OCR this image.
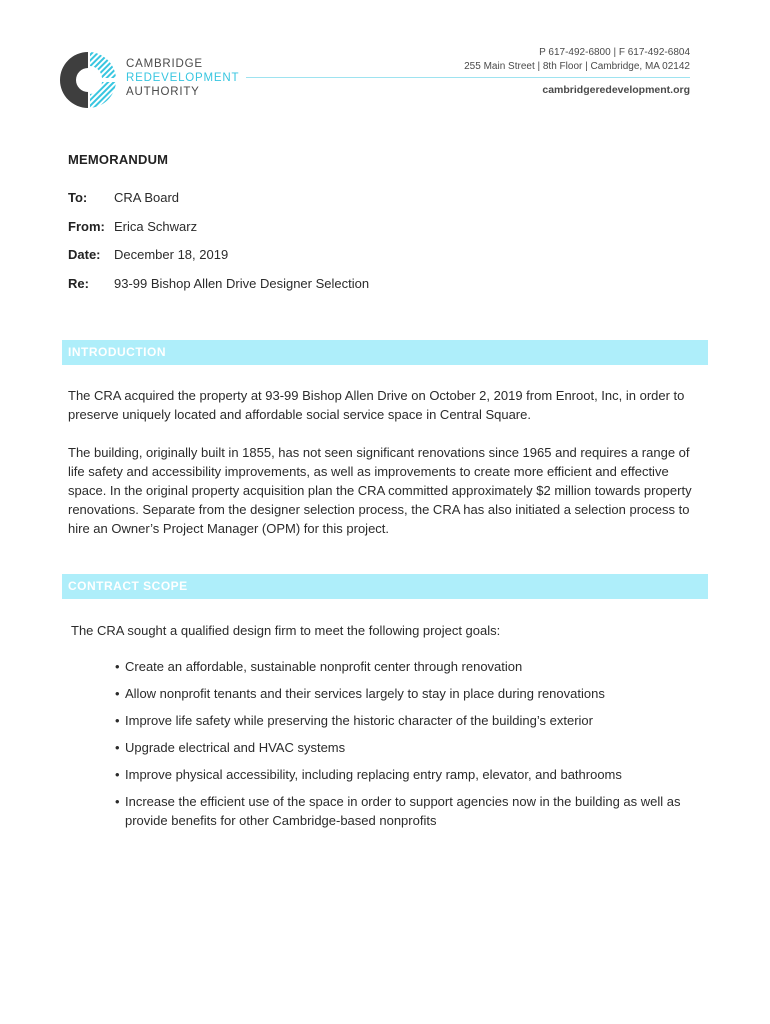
CAMBRIDGE
REDEVELOPMENT
AUTHORITY
P 617-492-6800 | F 617-492-6804
255 Main Street | 8th Floor | Cambridge, MA 02142
cambridgeredevelopment.org
MEMORANDUM
To: CRA Board
From: Erica Schwarz
Date: December 18, 2019
Re: 93-99 Bishop Allen Drive Designer Selection
INTRODUCTION
The CRA acquired the property at 93-99 Bishop Allen Drive on October 2, 2019 from Enroot, Inc, in order to preserve uniquely located and affordable social service space in Central Square.
The building, originally built in 1855, has not seen significant renovations since 1965 and requires a range of life safety and accessibility improvements, as well as improvements to create more efficient and effective space. In the original property acquisition plan the CRA committed approximately $2 million towards property renovations. Separate from the designer selection process, the CRA has also initiated a selection process to hire an Owner’s Project Manager (OPM) for this project.
CONTRACT SCOPE
The CRA sought a qualified design firm to meet the following project goals:
• Create an affordable, sustainable nonprofit center through renovation
• Allow nonprofit tenants and their services largely to stay in place during renovations
• Improve life safety while preserving the historic character of the building’s exterior
• Upgrade electrical and HVAC systems
• Improve physical accessibility, including replacing entry ramp, elevator, and bathrooms
• Increase the efficient use of the space in order to support agencies now in the building as well as provide benefits for other Cambridge-based nonprofits
